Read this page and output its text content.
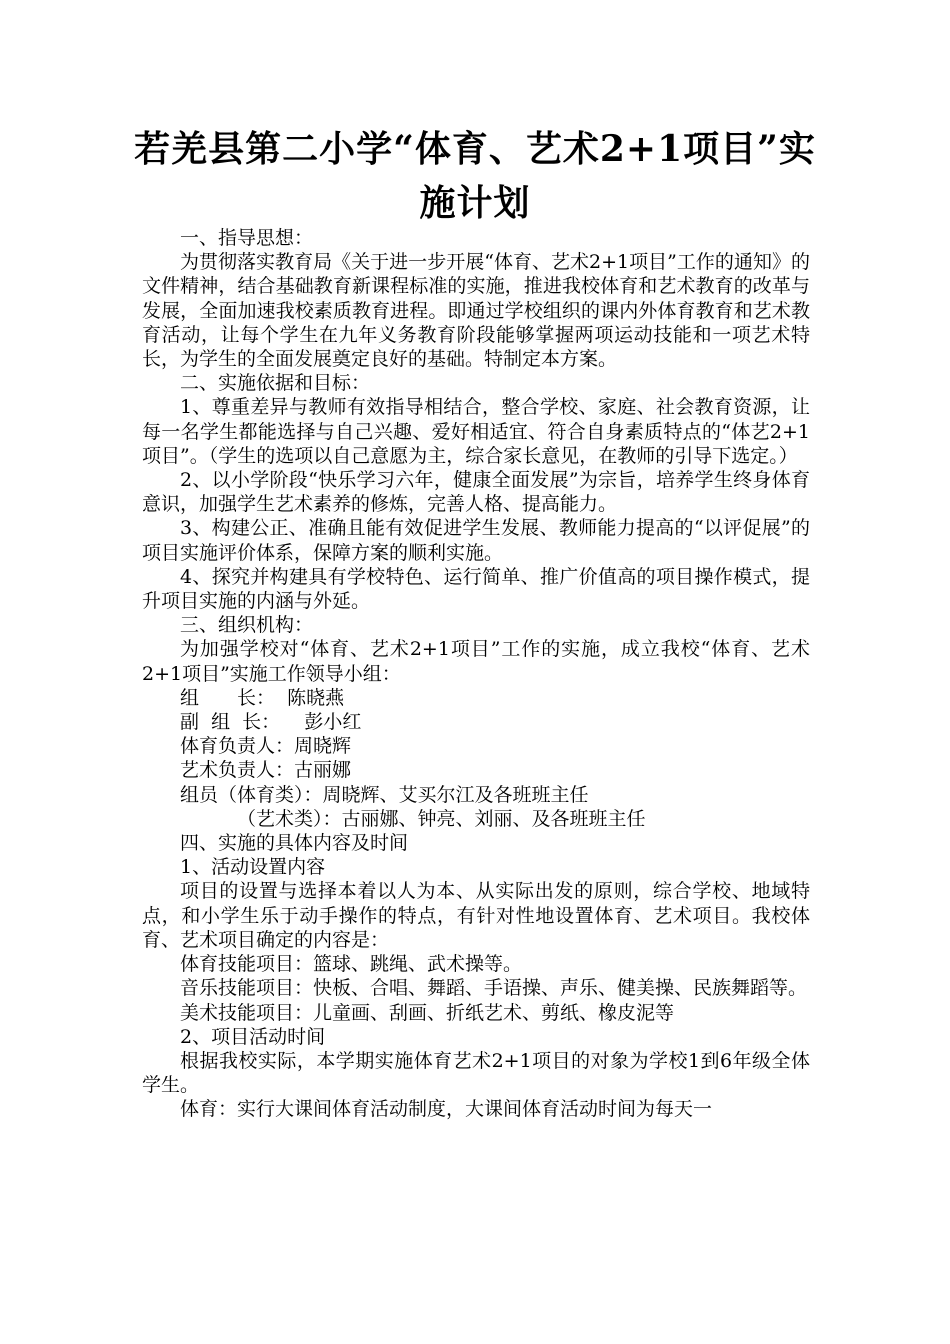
若羌县第二小学“体育、艺术2+1项目”实施计划

一、指导思想：

为贯彻落实教育局《关于进一步开展“体育、艺术2+1项目”工作的通知》的文件精神，结合基础教育新课程标准的实施，推进我校体育和艺术教育的改革与发展，全面加速我校素质教育进程。即通过学校组织的课内外体育教育和艺术教育活动，让每个学生在九年义务教育阶段能够掌握两项运动技能和一项艺术特长，为学生的全面发展奠定良好的基础。特制定本方案。

二、实施依据和目标：

1、尊重差异与教师有效指导相结合，整合学校、家庭、社会教育资源，让每一名学生都能选择与自己兴趣、爱好相适宜、符合自身素质特点的“体艺2+1项目”。（学生的选项以自己意愿为主，综合家长意见，在教师的引导下选定。）

2、以小学阶段“快乐学习六年，健康全面发展”为宗旨，培养学生终身体育意识，加强学生艺术素养的修炼，完善人格、提高能力。

3、构建公正、准确且能有效促进学生发展、教师能力提高的“以评促展”的项目实施评价体系，保障方案的顺利实施。

4、探究并构建具有学校特色、运行简单、推广价值高的项目操作模式，提升项目实施的内涵与外延。

三、组织机构：

为加强学校对“体育、艺术2+1项目”工作的实施，成立我校“体育、艺术2+1项目”实施工作领导小组：

组　　长：  陈晓燕

副  组  长：    彭小红

体育负责人：周晓辉

艺术负责人：古丽娜

组员（体育类）：周晓辉、艾买尔江及各班班主任

（艺术类）：古丽娜、钟亮、刘丽、及各班班主任

四、实施的具体内容及时间

1、活动设置内容

项目的设置与选择本着以人为本、从实际出发的原则，综合学校、地域特点，和小学生乐于动手操作的特点，有针对性地设置体育、艺术项目。我校体育、艺术项目确定的内容是：

体育技能项目：篮球、跳绳、武术操等。

音乐技能项目：快板、合唱、舞蹈、手语操、声乐、健美操、民族舞蹈等。

美术技能项目：儿童画、刮画、折纸艺术、剪纸、橡皮泥等

2、项目活动时间

根据我校实际，本学期实施体育艺术2+1项目的对象为学校1到6年级全体学生。

体育：实行大课间体育活动制度，大课间体育活动时间为每天一
